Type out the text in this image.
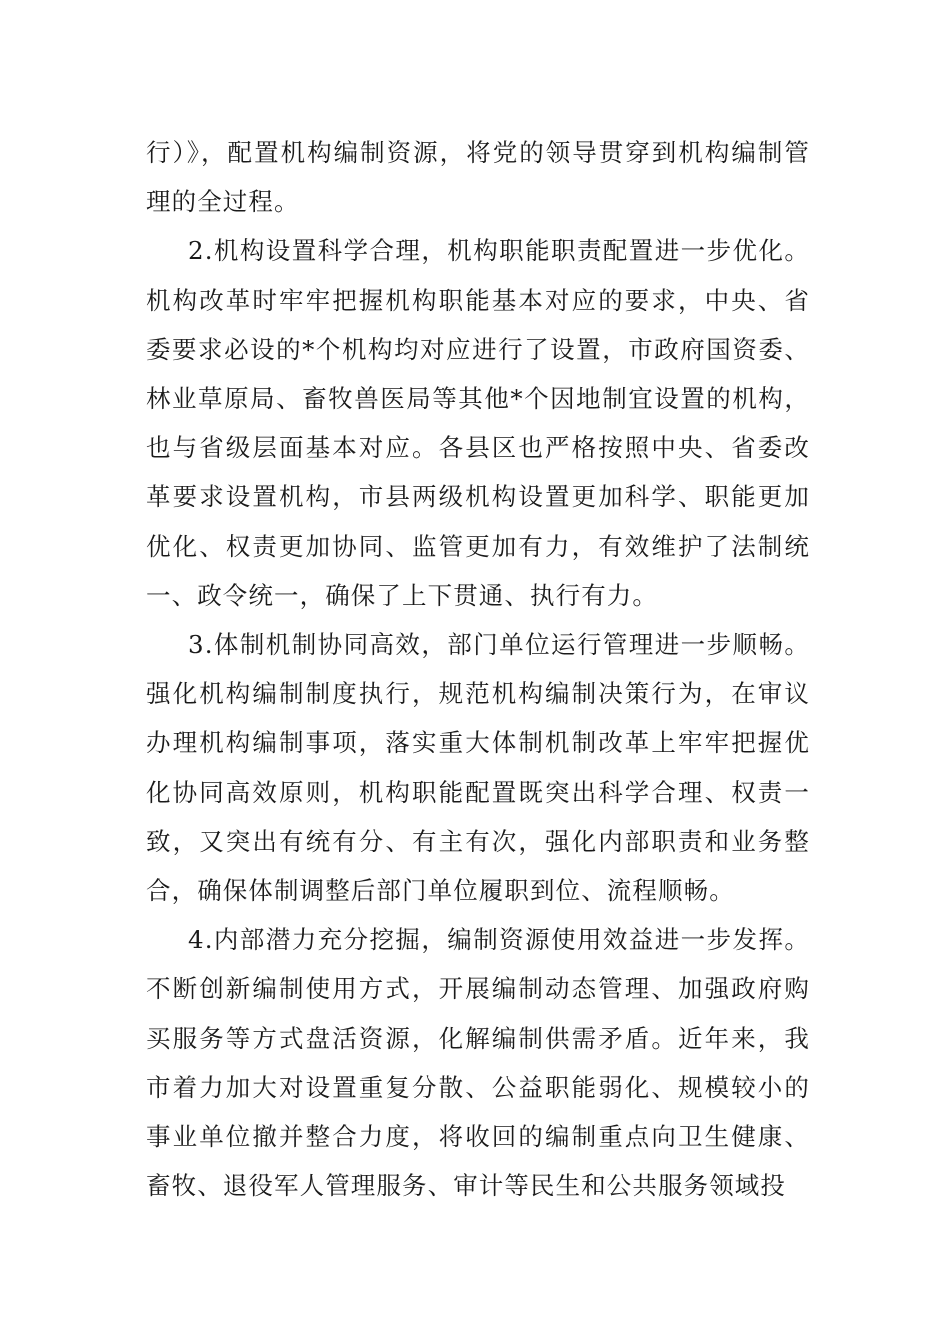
行）》，配置机构编制资源，将党的领导贯穿到机构编制管理的全过程。

2.机构设置科学合理，机构职能职责配置进一步优化。机构改革时牢牢把握机构职能基本对应的要求，中央、省委要求必设的*个机构均对应进行了设置，市政府国资委、林业草原局、畜牧兽医局等其他*个因地制宜设置的机构，也与省级层面基本对应。各县区也严格按照中央、省委改革要求设置机构，市县两级机构设置更加科学、职能更加优化、权责更加协同、监管更加有力，有效维护了法制统一、政令统一，确保了上下贯通、执行有力。

3.体制机制协同高效，部门单位运行管理进一步顺畅。强化机构编制制度执行，规范机构编制决策行为，在审议办理机构编制事项，落实重大体制机制改革上牢牢把握优化协同高效原则，机构职能配置既突出科学合理、权责一致，又突出有统有分、有主有次，强化内部职责和业务整合，确保体制调整后部门单位履职到位、流程顺畅。

4.内部潜力充分挖掘，编制资源使用效益进一步发挥。不断创新编制使用方式，开展编制动态管理、加强政府购买服务等方式盘活资源，化解编制供需矛盾。近年来，我市着力加大对设置重复分散、公益职能弱化、规模较小的事业单位撤并整合力度，将收回的编制重点向卫生健康、畜牧、退役军人管理服务、审计等民生和公共服务领域投
